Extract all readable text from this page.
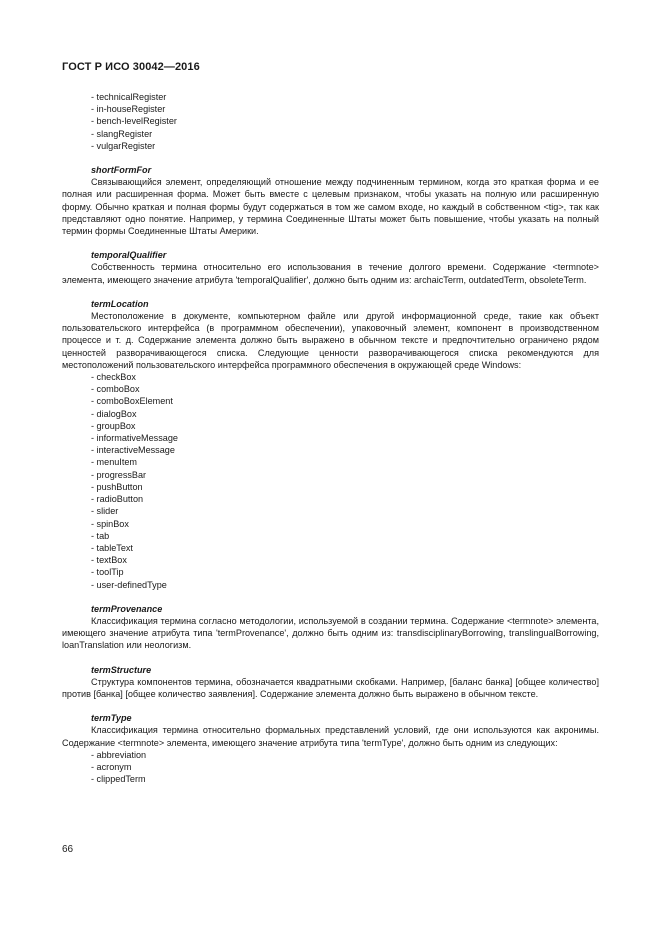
ГОСТ Р ИСО 30042—2016
- technicalRegister
- in-houseRegister
- bench-levelRegister
- slangRegister
- vulgarRegister
shortFormFor

Связывающийся элемент, определяющий отношение между подчиненным термином, когда это краткая форма и ее полная или расширенная форма. Может быть вместе с целевым признаком, чтобы указать на полную или расширенную форму. Обычно краткая и полная формы будут содержаться в том же самом входе, но каждый в собственном <tig>, так как представляют одно понятие. Например, у термина Соединенные Штаты может быть повышение, чтобы указать на полный термин формы Соединенные Штаты Америки.

temporalQualifier

Собственность термина относительно его использования в течение долгого времени. Содержание <termnote> элемента, имеющего значение атрибута 'temporalQualifier', должно быть одним из: archaicTerm, outdatedTerm, obsoleteTerm.

termLocation

Местоположение в документе, компьютерном файле или другой информационной среде, такие как объект пользовательского интерфейса (в программном обеспечении), упаковочный элемент, компонент в производственном процессе и т. д. Содержание элемента должно быть выражено в обычном тексте и предпочтительно ограничено рядом ценностей разворачивающегося списка. Следующие ценности разворачивающегося списка рекомендуются для местоположений пользовательского интерфейса программного обеспечения в окружающей среде Windows:

- checkBox
- comboBox
- comboBoxElement
- dialogBox
- groupBox
- informativeMessage
- interactiveMessage
- menuItem
- progressBar
- pushButton
- radioButton
- slider
- spinBox
- tab
- tableText
- textBox
- toolTip
- user-definedType
termProvenance

Классификация термина согласно методологии, используемой в создании термина. Содержание <termnote> элемента, имеющего значение атрибута типа 'termProvenance', должно быть одним из: transdisciplinaryBorrowing, translingualBorrowing, loanTranslation или неологизм.

termStructure

Структура компонентов термина, обозначается квадратными скобками. Например, [баланс банка] [общее количество] против [банка] [общее количество заявления]. Содержание элемента должно быть выражено в обычном тексте.

termType

Классификация термина относительно формальных представлений условий, где они используются как акронимы. Содержание <termnote> элемента, имеющего значение атрибута типа 'termType', должно быть одним из следующих:

- abbreviation
- acronym
- clippedTerm
66
